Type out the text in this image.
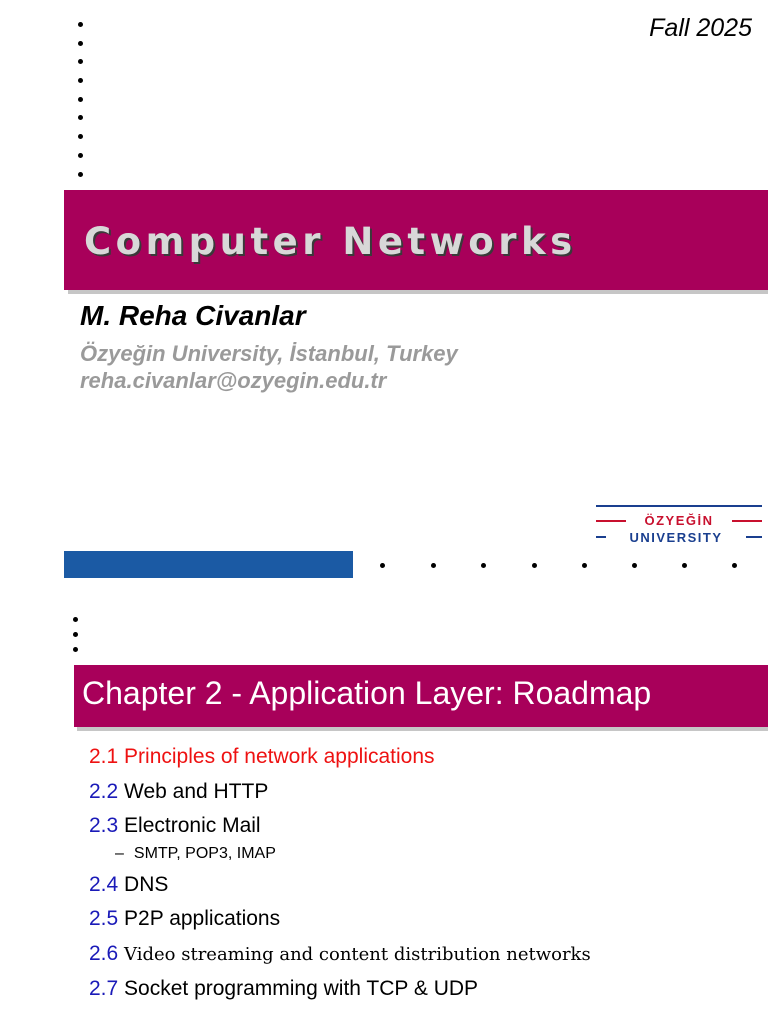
Fall 2025
Computer Networks
M. Reha Civanlar
Özyeğin University, İstanbul, Turkey
reha.civanlar@ozyegin.edu.tr
ÖZYEĞİN
UNIVERSITY
Chapter 2 - Application Layer: Roadmap
2.1 Principles of network applications
2.2 Web and HTTP
2.3 Electronic Mail
– SMTP, POP3, IMAP
2.4 DNS
2.5 P2P applications
2.6 Video streaming and content distribution networks
2.7 Socket programming with TCP & UDP
